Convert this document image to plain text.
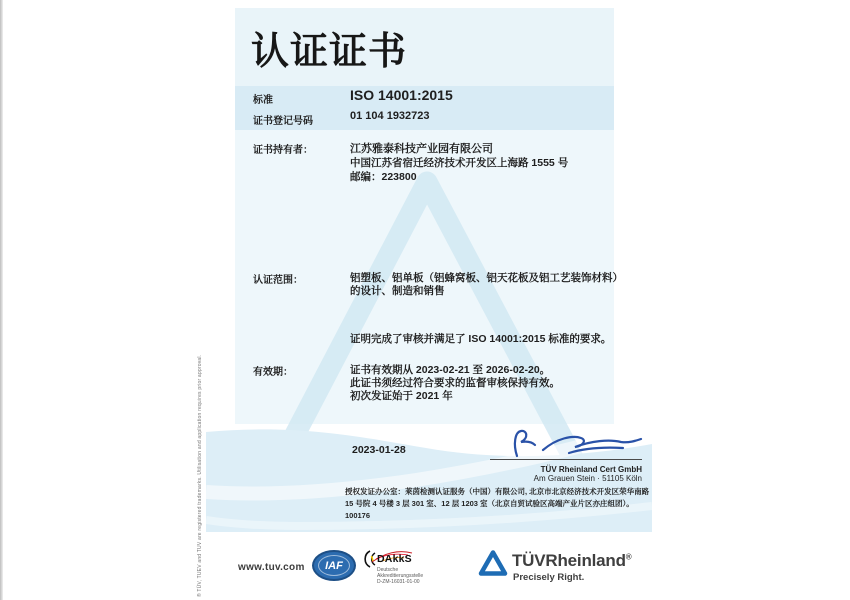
® TÜV, TUEV and TUV are registered trademarks. Utilisation and application requires prior approval.
认证证书
标准	ISO 14001:2015
证书登记号码	01 104 1932723
证书持有者：	江苏雅泰科技产业园有限公司
中国江苏省宿迁经济技术开发区上海路 1555 号
邮编：223800
认证范围：	铝塑板、铝单板（铝蜂窝板、铝天花板及铝工艺装饰材料）
的设计、制造和销售
证明完成了审核并满足了 ISO 14001:2015 标准的要求。
有效期：	证书有效期从 2023-02-21 至 2026-02-20。
此证书须经过符合要求的监督审核保持有效。
初次发证始于 2021 年
2023-01-28
TÜV Rheinland Cert GmbH
Am Grauen Stein · 51105 Köln
授权发证办公室：莱茵检测认证服务（中国）有限公司, 北京市北京经济技术开发区荣华南路
15 号院 4 号楼 3 层 301 室、12 层 1203 室（北京自贸试验区高端产业片区亦庄组团）。
100176
www.tuv.com IAF
DAkkS
Deutsche
Akkreditierungsstelle
D-ZM-16031-01-00
TÜVRheinland®
Precisely Right.
